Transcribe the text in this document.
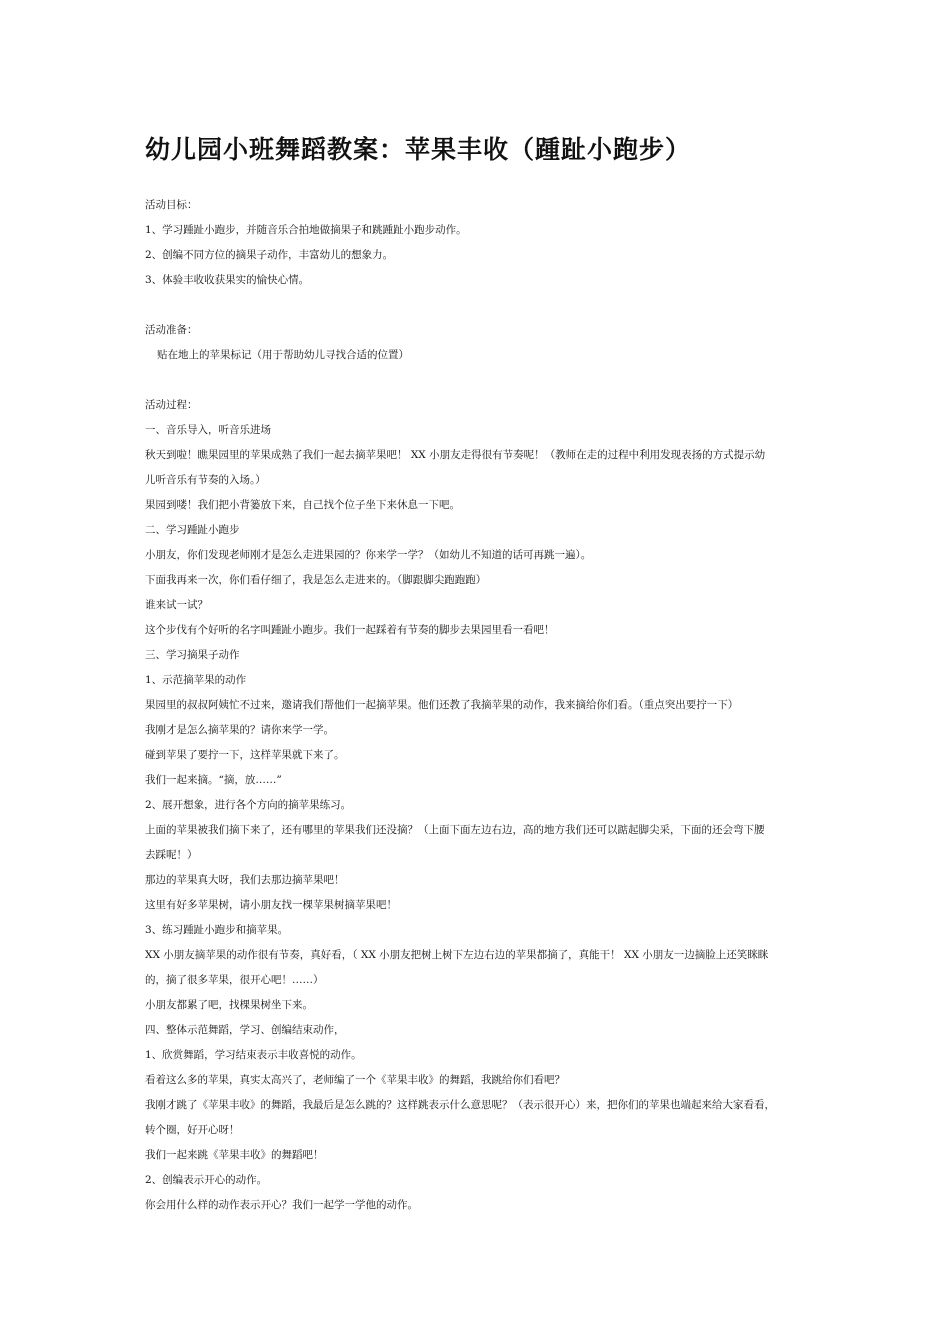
幼儿园小班舞蹈教案：苹果丰收（踵趾小跑步）
活动目标：
1、学习踵趾小跑步，并随音乐合拍地做摘果子和跳踵趾小跑步动作。
2、创编不同方位的摘果子动作，丰富幼儿的想象力。
3、体验丰收收获果实的愉快心情。
活动准备：
贴在地上的苹果标记（用于帮助幼儿寻找合适的位置）
活动过程：
一、音乐导入，听音乐进场
秋天到啦！瞧果园里的苹果成熟了我们一起去摘苹果吧！ XX 小朋友走得很有节奏呢！（教师在走的过程中利用发现表扬的方式提示幼
儿听音乐有节奏的入场。）
果园到喽！我们把小背篓放下来，自己找个位子坐下来休息一下吧。
二、学习踵趾小跑步
小朋友，你们发现老师刚才是怎么走进果园的？你来学一学？（如幼儿不知道的话可再跳一遍）。
下面我再来一次，你们看仔细了，我是怎么走进来的。（脚跟脚尖跑跑跑）
谁来试一试？
这个步伐有个好听的名字叫踵趾小跑步。我们一起踩着有节奏的脚步去果园里看一看吧！
三、学习摘果子动作
1、示范摘苹果的动作
果园里的叔叔阿姨忙不过来，邀请我们帮他们一起摘苹果。他们还教了我摘苹果的动作，我来摘给你们看。（重点突出要拧一下）
我刚才是怎么摘苹果的？请你来学一学。
碰到苹果了要拧一下，这样苹果就下来了。
我们一起来摘。“摘，放……”
2、展开想象，进行各个方向的摘苹果练习。
上面的苹果被我们摘下来了，还有哪里的苹果我们还没摘？（上面下面左边右边，高的地方我们还可以踮起脚尖采，下面的还会弯下腰
去踩呢！）
那边的苹果真大呀，我们去那边摘苹果吧！
这里有好多苹果树，请小朋友找一棵苹果树摘苹果吧！
3、练习踵趾小跑步和摘苹果。
XX 小朋友摘苹果的动作很有节奏，真好看，（ XX 小朋友把树上树下左边右边的苹果都摘了，真能干！ XX 小朋友一边摘脸上还笑眯眯
的，摘了很多苹果，很开心吧！……）
小朋友都累了吧，找棵果树坐下来。
四、整体示范舞蹈，学习、创编结束动作，
1、欣赏舞蹈，学习结束表示丰收喜悦的动作。
看着这么多的苹果，真实太高兴了，老师编了一个《苹果丰收》的舞蹈，我跳给你们看吧？
我刚才跳了《苹果丰收》的舞蹈，我最后是怎么跳的？这样跳表示什么意思呢？（表示很开心）来，把你们的苹果也端起来给大家看看，
转个圈，好开心呀！
我们一起来跳《苹果丰收》的舞蹈吧！
2、创编表示开心的动作。
你会用什么样的动作表示开心？我们一起学一学他的动作。
